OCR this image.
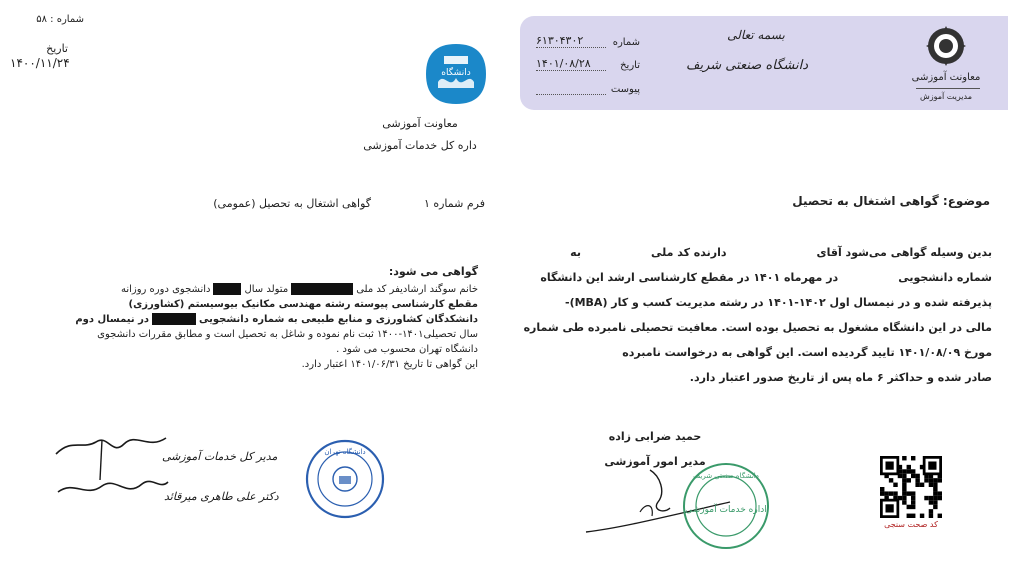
شماره : ۵۸
تاریخ
۱۴۰۰/۱۱/۲۴
دانشگاه
معاونت آموزشی
داره کل خدمات آموزشی
فرم شماره ۱
گواهی اشتغال به تحصیل (عمومی)
گواهی می شود:

خانم سوگند ارشادیفر کد ملیمتولد سالدانشجوی دوره روزانه

مقطع کارشناسی پیوسته رشته مهندسی مکانیک بیوسیستم (کشاورزی)

دانشکدگان کشاورزی و منابع طبیعی به شماره دانشجوییدر نیمسال دوم

سال تحصیلی۱۴۰۱-۱۴۰۰ ثبت نام نموده و شاغل به تحصیل است و مطابق مقررات دانشجوی

دانشگاه تهران محسوب می شود .

این گواهی تا تاریخ ۱۴۰۱/۰۶/۳۱ اعتبار دارد.

مدیر کل خدمات آموزشی
دکتر علی طاهری میرقائد
دانشگاه تهران
شماره
۶۱۳۰۴۳۰۲
تاریخ
۱۴۰۱/۰۸/۲۸
پیوست
بسمه تعالی
دانشگاه صنعتی شریف
معاونت آموزشی
مدیریت آموزش
موضوع: گواهی اشتغال به تحصیل

بدین وسیله گواهی می‌شود آقایدارنده کد ملیبه

شماره دانشجوییدر مهرماه ۱۴۰۱ در مقطع کارشناسی ارشد این دانشگاه

پذیرفته شده و در نیمسال اول ۱۴۰۲-۱۴۰۱ در رشته مدیریت کسب و کار (MBA)-

مالی در این دانشگاه مشغول به تحصیل بوده است. معافیت تحصیلی نامبرده طی شماره

مورخ ۱۴۰۱/۰۸/۰۹ تایید گردیده است. این گواهی به درخواست نامبرده

صادر شده و حداکثر ۶ ماه پس از تاریخ صدور اعتبار دارد.

حمید ضرابی زاده
مدیر امور آموزشی
دانشگاه صنعتی شریف
اداره خدمات آموزشی
کد صحت سنجی
